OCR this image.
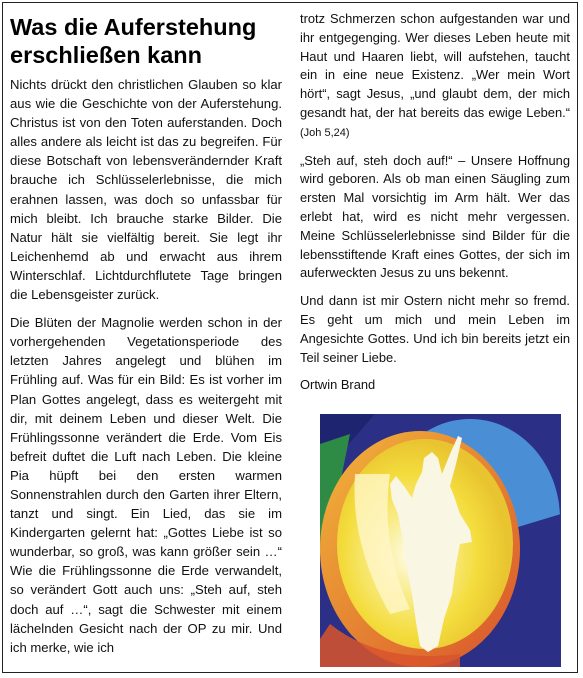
Was die Auferstehung erschließen kann

Nichts drückt den christlichen Glauben so klar aus wie die Geschichte von der Auferstehung. Christus ist von den Toten auferstanden. Doch alles andere als leicht ist das zu begreifen. Für diese Botschaft von lebensverändernder Kraft brauche ich Schlüsselerlebnisse, die mich erahnen lassen, was doch so unfassbar für mich bleibt. Ich brauche starke Bilder. Die Natur hält sie vielfältig bereit. Sie legt ihr Leichenhemd ab und erwacht aus ihrem Winterschlaf. Lichtdurchflutete Tage bringen die Lebensgeister zurück.

Die Blüten der Magnolie werden schon in der vorhergehenden Vegetationsperiode des letzten Jahres angelegt und blühen im Frühling auf. Was für ein Bild: Es ist vorher im Plan Gottes angelegt, dass es weitergeht mit dir, mit deinem Leben und dieser Welt. Die Frühlingssonne verändert die Erde. Vom Eis befreit duftet die Luft nach Leben. Die kleine Pia hüpft bei den ersten warmen Sonnenstrahlen durch den Garten ihrer Eltern, tanzt und singt. Ein Lied, das sie im Kindergarten gelernt hat: „Gottes Liebe ist so wunderbar, so groß, was kann größer sein …“ Wie die Frühlingssonne die Erde verwandelt, so verändert Gott auch uns: „Steh auf, steh doch auf …“, sagt die Schwester mit einem lächelnden Gesicht nach der OP zu mir. Und ich merke, wie ich

trotz Schmerzen schon aufgestanden war und ihr entgegenging. Wer dieses Leben heute mit Haut und Haaren liebt, will aufstehen, taucht ein in eine neue Existenz. „Wer mein Wort hört“, sagt Jesus, „und glaubt dem, der mich gesandt hat, der hat bereits das ewige Leben.“ (Joh 5,24)

„Steh auf, steh doch auf!“ – Unsere Hoffnung wird geboren. Als ob man einen Säugling zum ersten Mal vorsichtig im Arm hält. Wer das erlebt hat, wird es nicht mehr vergessen. Meine Schlüsselerlebnisse sind Bilder für die lebensstiftende Kraft eines Gottes, der sich im auferweckten Jesus zu uns bekennt.

Und dann ist mir Ostern nicht mehr so fremd. Es geht um mich und mein Leben im Angesichte Gottes. Und ich bin bereits jetzt ein Teil seiner Liebe.

Ortwin Brand
